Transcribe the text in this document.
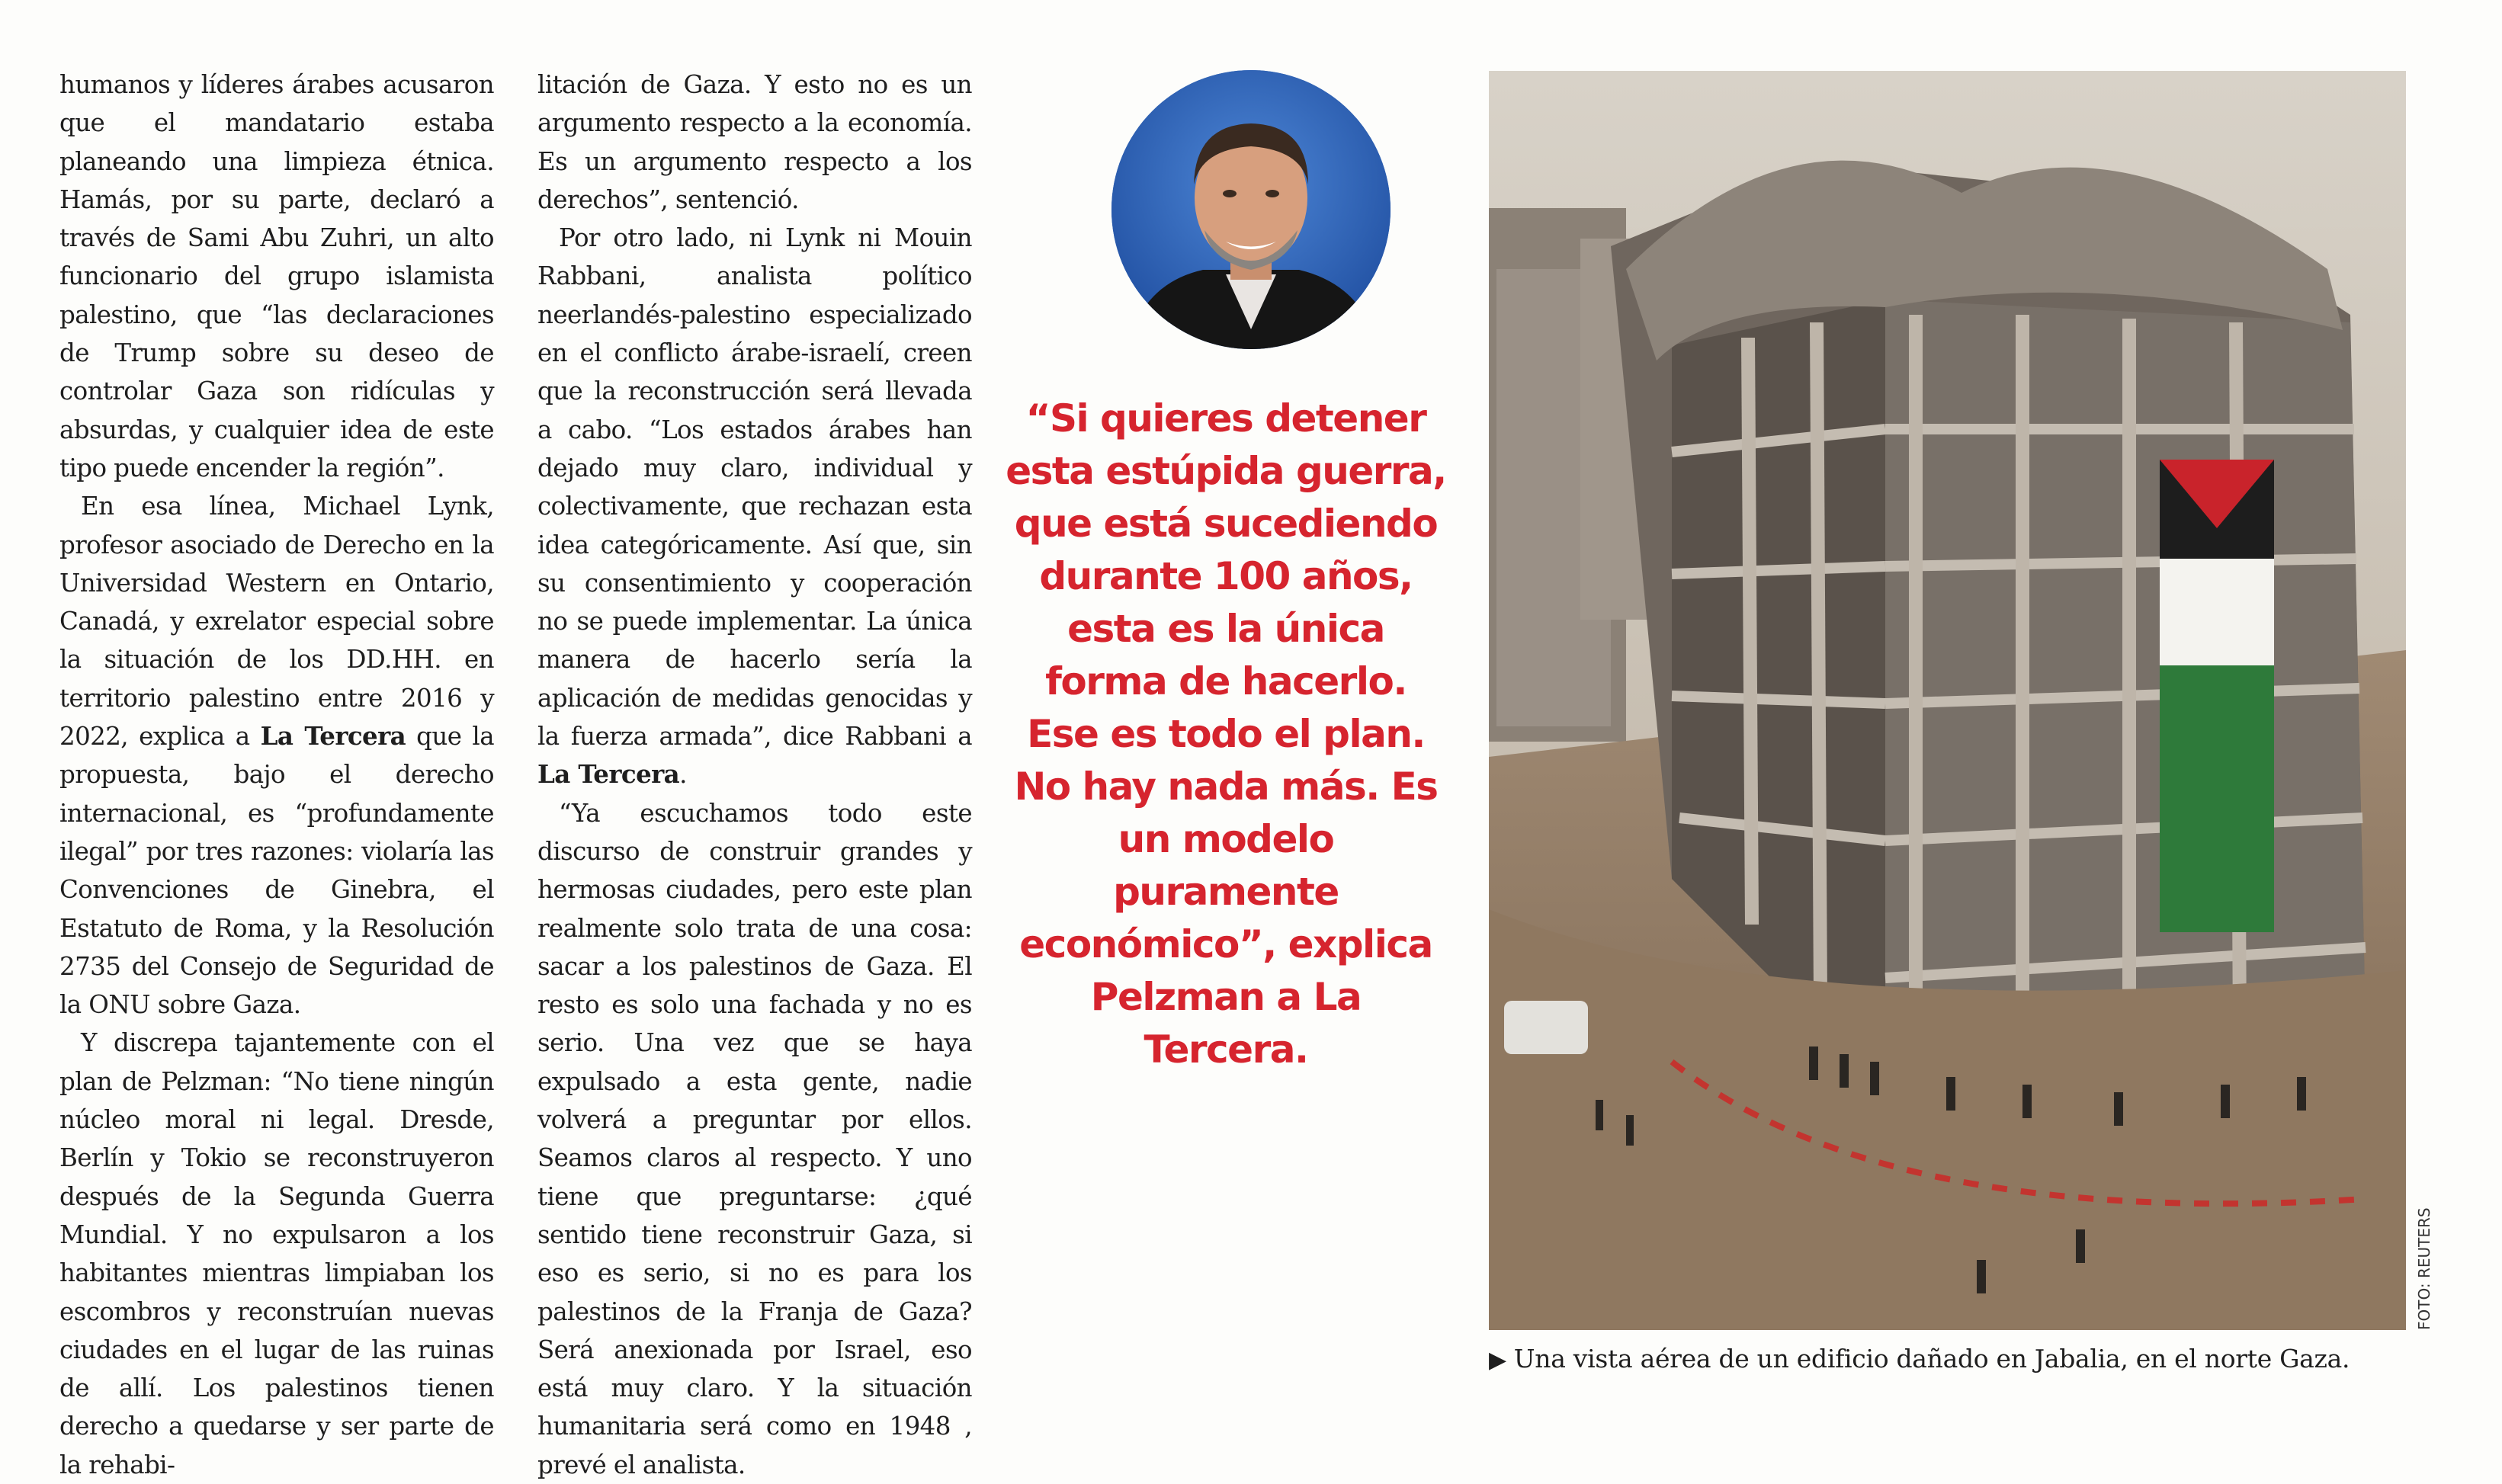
humanos y líderes árabes acusaron que el mandatario estaba planeando una limpieza étnica. Hamás, por su parte, declaró a través de Sami Abu Zuhri, un alto funcionario del grupo islamista palestino, que “las declaraciones de Trump sobre su deseo de controlar Gaza son ridículas y absurdas, y cualquier idea de este tipo puede encender la región”.

En esa línea, Michael Lynk, profesor asociado de Derecho en la Universidad Western en Ontario, Canadá, y exrelator especial sobre la situación de los DD.HH. en territorio palestino entre 2016 y 2022, explica a La Tercera que la propuesta, bajo el derecho internacional, es “profundamente ilegal” por tres razones: violaría las Convenciones de Ginebra, el Estatuto de Roma, y la Resolución 2735 del Consejo de Seguridad de la ONU sobre Gaza.

Y discrepa tajantemente con el plan de Pelzman: “No tiene ningún núcleo moral ni legal. Dresde, Berlín y Tokio se reconstruyeron después de la Segunda Guerra Mundial. Y no expulsaron a los habitantes mientras limpiaban los escombros y reconstruían nuevas ciudades en el lugar de las ruinas de allí. Los palestinos tienen derecho a quedarse y ser parte de la rehabi-

litación de Gaza. Y esto no es un argumento respecto a la economía. Es un argumento respecto a los derechos”, sentenció.

Por otro lado, ni Lynk ni Mouin Rabbani, analista político neerlandés-palestino especializado en el conflicto árabe-israelí, creen que la reconstrucción será llevada a cabo. “Los estados árabes han dejado muy claro, individual y colectivamente, que rechazan esta idea categóricamente. Así que, sin su consentimiento y cooperación no se puede implementar. La única manera de hacerlo sería la aplicación de medidas genocidas y la fuerza armada”, dice Rabbani a La Tercera.

“Ya escuchamos todo este discurso de construir grandes y hermosas ciudades, pero este plan realmente solo trata de una cosa: sacar a los palestinos de Gaza. El resto es solo una fachada y no es serio. Una vez que se haya expulsado a esta gente, nadie volverá a preguntar por ellos. Seamos claros al respecto. Y uno tiene que preguntarse: ¿qué sentido tiene reconstruir Gaza, si eso es serio, si no es para los palestinos de la Franja de Gaza? Será anexionada por Israel, eso está muy claro. Y la situación humanitaria será como en 1948 , prevé el analista.

“Si quieres detener esta estúpida guerra, que está sucediendo durante 100 años, esta es la única forma de hacerlo. Ese es todo el plan. No hay nada más. Es un modelo puramente económico”, explica Pelzman a La Tercera.
FOTO: REUTERS
▶ Una vista aérea de un edificio dañado en Jabalia, en el norte Gaza.
